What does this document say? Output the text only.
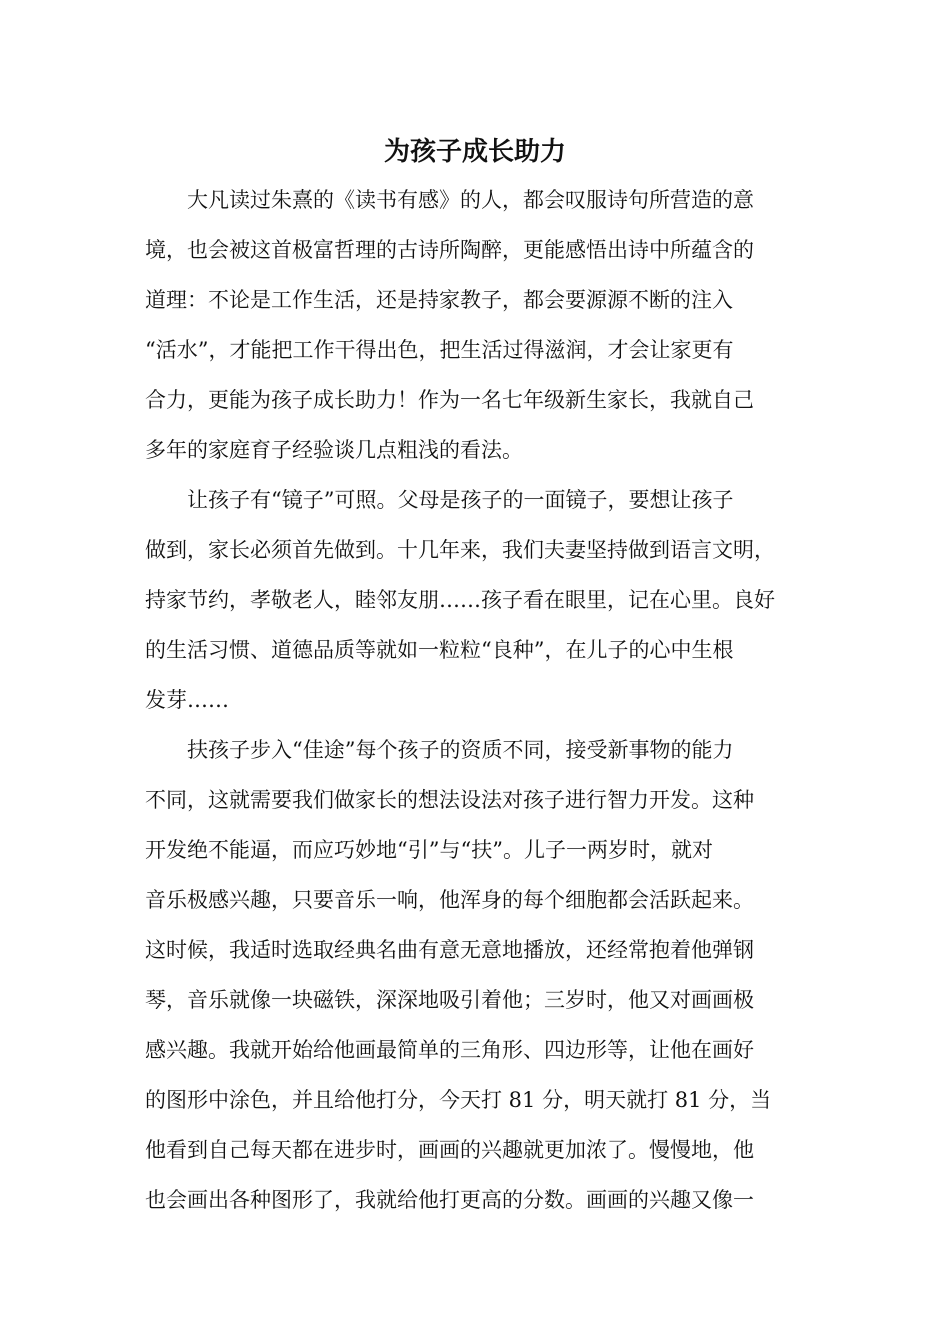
为孩子成长助力

大凡读过朱熹的《读书有感》的人，都会叹服诗句所营造的意

境，也会被这首极富哲理的古诗所陶醉，更能感悟出诗中所蕴含的

道理：不论是工作生活，还是持家教子，都会要源源不断的注入

“活水”，才能把工作干得出色，把生活过得滋润，才会让家更有

合力，更能为孩子成长助力！作为一名七年级新生家长，我就自己

多年的家庭育子经验谈几点粗浅的看法。

让孩子有“镜子”可照。父母是孩子的一面镜子，要想让孩子

做到，家长必须首先做到。十几年来，我们夫妻坚持做到语言文明，

持家节约，孝敬老人，睦邻友朋……孩子看在眼里，记在心里。良好

的生活习惯、道德品质等就如一粒粒“良种”，在儿子的心中生根

发芽……

扶孩子步入“佳途”每个孩子的资质不同，接受新事物的能力

不同，这就需要我们做家长的想法设法对孩子进行智力开发。这种

开发绝不能逼，而应巧妙地“引”与“扶”。儿子一两岁时，就对

音乐极感兴趣，只要音乐一响，他浑身的每个细胞都会活跃起来。

这时候，我适时选取经典名曲有意无意地播放，还经常抱着他弹钢

琴，音乐就像一块磁铁，深深地吸引着他；三岁时，他又对画画极

感兴趣。我就开始给他画最简单的三角形、四边形等，让他在画好

的图形中涂色，并且给他打分，今天打 81 分，明天就打 81 分，当

他看到自己每天都在进步时，画画的兴趣就更加浓了。慢慢地，他

也会画出各种图形了，我就给他打更高的分数。画画的兴趣又像一
